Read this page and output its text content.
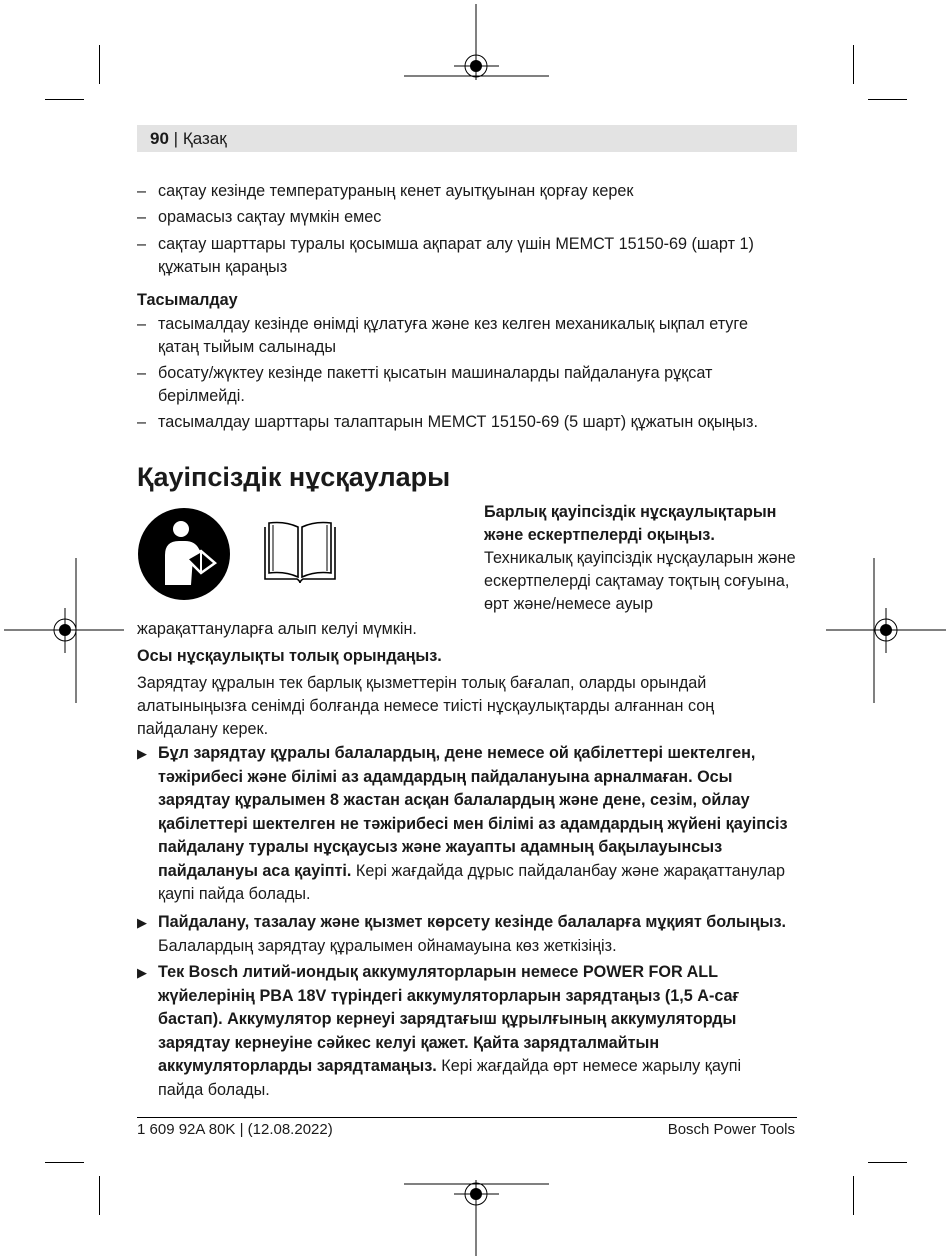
90 | Қазақ
– сақтау кезінде температураның кенет ауытқуынан қорғау керек
– орамасыз сақтау мүмкін емес
– сақтау шарттары туралы қосымша ақпарат алу үшін МЕМСТ 15150-69 (шарт 1) құжатын қараңыз
Тасымалдау
– тасымалдау кезінде өнімді құлатуға және кез келген механикалық ықпал етуге қатаң тыйым салынады
– босату/жүктеу кезінде пакетті қысатын машиналарды пайдалануға рұқсат берілмейді.
– тасымалдау шарттары талаптарын МЕМСТ 15150-69 (5 шарт) құжатын оқыңыз.
Қауіпсіздік нұсқаулары
Барлық қауіпсіздік нұсқаулықтарын және ескертпелерді оқыңыз. Техникалық қауіпсіздік нұсқауларын және ескертпелерді сақтамау тоқтың соғуына, өрт және/немесе ауыр
жарақаттануларға алып келуі мүмкін.
Осы нұсқаулықты толық орындаңыз.
Зарядтау құралын тек барлық қызметтерін толық бағалап, оларды орындай алатыныңызға сенімді болғанда немесе тиісті нұсқаулықтарды алғаннан соң пайдалану керек.
▶ Бұл зарядтау құралы балалардың, дене немесе ой қабілеттері шектелген, тәжірибесі және білімі аз адамдардың пайдалануына арналмаған. Осы зарядтау құралымен 8 жастан асқан балалардың және дене, сезім, ойлау қабілеттері шектелген не тәжірибесі мен білімі аз адамдардың жүйені қауіпсіз пайдалану туралы нұсқаусыз және жауапты адамның бақылауынсыз пайдалануы аса қауіпті. Кері жағдайда дұрыс пайдаланбау және жарақаттанулар қаупі пайда болады.
▶ Пайдалану, тазалау және қызмет көрсету кезінде балаларға мұқият болыңыз. Балалардың зарядтау құралымен ойнамауына көз жеткізіңіз.
▶ Тек Bosch литий-иондық аккумуляторларын немесе POWER FOR ALL жүйелерінің PBA 18V түріндегі аккумуляторларын зарядтаңыз (1,5 А-сағ бастап). Аккумулятор кернеуі зарядтағыш құрылғының аккумуляторды зарядтау кернеуіне сәйкес келуі қажет. Қайта зарядталмайтын аккумуляторларды зарядтамаңыз. Кері жағдайда өрт немесе жарылу қаупі пайда болады.
1 609 92A 80K | (12.08.2022)	Bosch Power Tools
